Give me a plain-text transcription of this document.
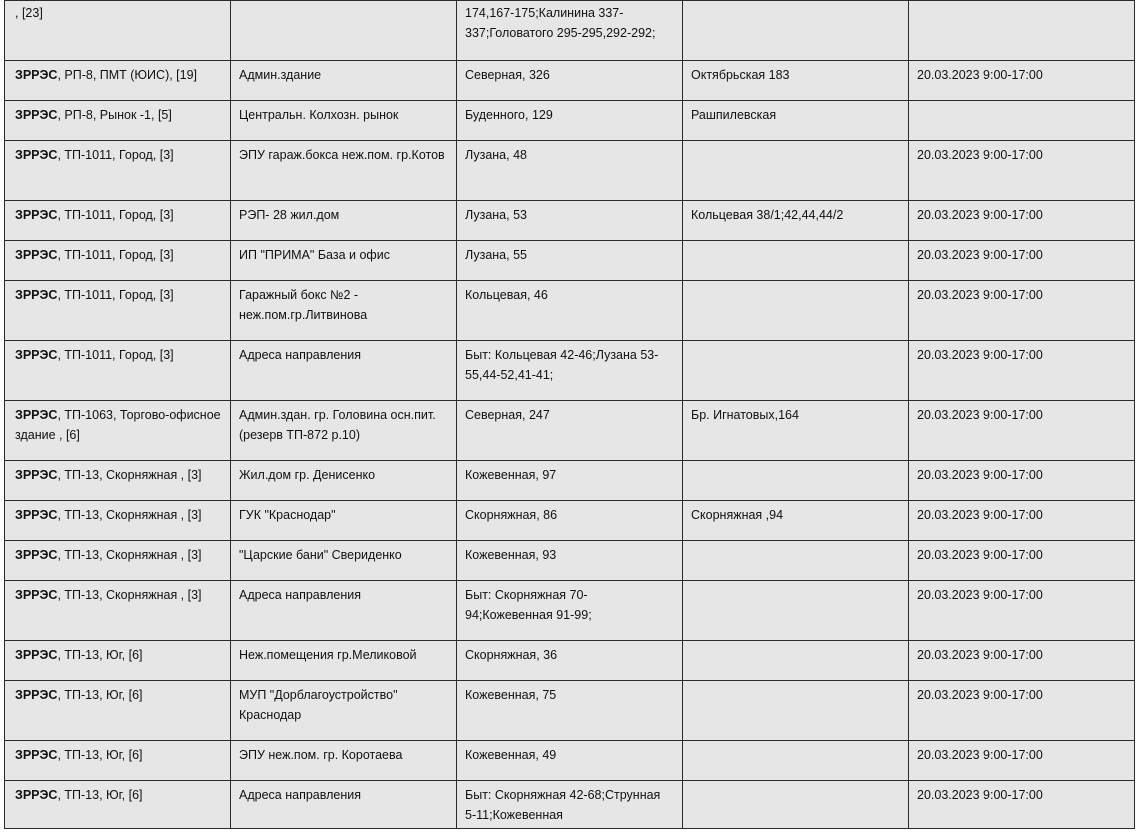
, [23]		174,167-175;Калинина 337-337;Головатого 295-295,292-292;		
ЗРРЭС, РП-8, ПМТ (ЮИС), [19]	Админ.здание	Северная, 326	Октябрьская 183	20.03.2023 9:00-17:00
ЗРРЭС, РП-8, Рынок -1, [5]	Центральн. Колхозн. рынок	Буденного, 129	Рашпилевская	
ЗРРЭС, ТП-1011, Город, [3]	ЭПУ гараж.бокса неж.пом. гр.Котов	Лузана, 48		20.03.2023 9:00-17:00
ЗРРЭС, ТП-1011, Город, [3]	РЭП- 28 жил.дом	Лузана, 53	Кольцевая 38/1;42,44,44/2	20.03.2023 9:00-17:00
ЗРРЭС, ТП-1011, Город, [3]	ИП "ПРИМА" База и офис	Лузана, 55		20.03.2023 9:00-17:00
ЗРРЭС, ТП-1011, Город, [3]	Гаражный бокс №2 - неж.пом.гр.Литвинова	Кольцевая, 46		20.03.2023 9:00-17:00
ЗРРЭС, ТП-1011, Город, [3]	Адреса направления	Быт: Кольцевая 42-46;Лузана 53-55,44-52,41-41;		20.03.2023 9:00-17:00
ЗРРЭС, ТП-1063, Торгово-офисное здание , [6]	Админ.здан. гр. Головина осн.пит.(резерв ТП-872 р.10)	Северная, 247	Бр. Игнатовых,164	20.03.2023 9:00-17:00
ЗРРЭС, ТП-13, Скорняжная , [3]	Жил.дом гр. Денисенко	Кожевенная, 97		20.03.2023 9:00-17:00
ЗРРЭС, ТП-13, Скорняжная , [3]	ГУК "Краснодар"	Скорняжная, 86	Скорняжная ,94	20.03.2023 9:00-17:00
ЗРРЭС, ТП-13, Скорняжная , [3]	"Царские бани" Свериденко	Кожевенная, 93		20.03.2023 9:00-17:00
ЗРРЭС, ТП-13, Скорняжная , [3]	Адреса направления	Быт: Скорняжная 70-94;Кожевенная 91-99;		20.03.2023 9:00-17:00
ЗРРЭС, ТП-13, Юг, [6]	Неж.помещения гр.Меликовой	Скорняжная, 36		20.03.2023 9:00-17:00
ЗРРЭС, ТП-13, Юг, [6]	МУП "Дорблагоустройство" Краснодар	Кожевенная, 75		20.03.2023 9:00-17:00
ЗРРЭС, ТП-13, Юг, [6]	ЭПУ неж.пом. гр. Коротаева	Кожевенная, 49		20.03.2023 9:00-17:00
ЗРРЭС, ТП-13, Юг, [6]	Адреса направления	Быт: Скорняжная 42-68;Струнная 5-11;Кожевенная		20.03.2023 9:00-17:00
